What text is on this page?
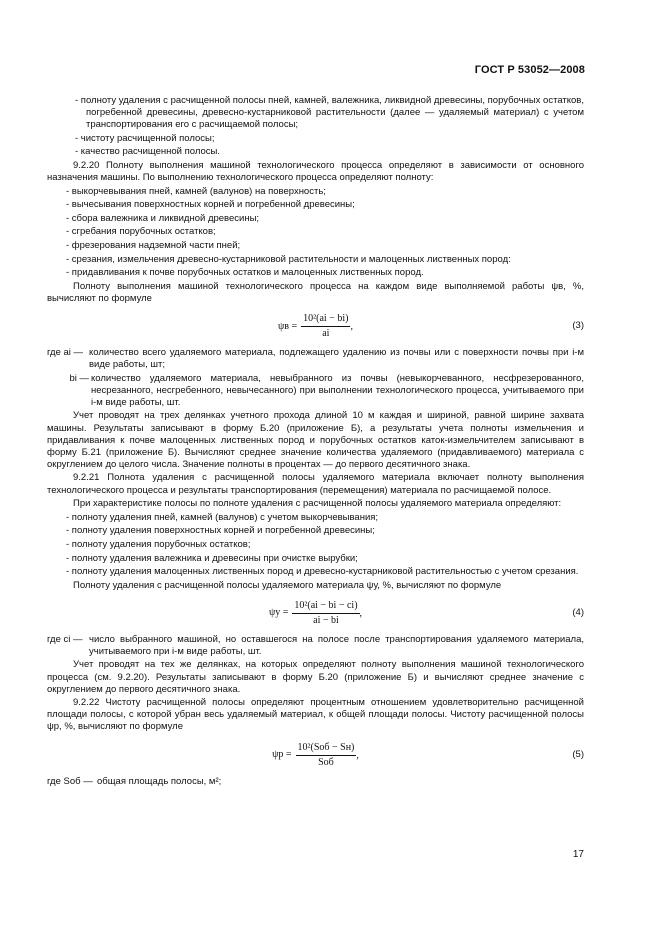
ГОСТ Р 53052—2008

- полноту удаления с расчищенной полосы пней, камней, валежника, ликвидной древесины, порубочных остатков, погребенной древесины, древесно-кустарниковой растительности (далее — удаляемый материал) с учетом транспортирования его с расчищаемой полосы;

- чистоту расчищенной полосы;

- качество расчищенной полосы.

9.2.20 Полноту выполнения машиной технологического процесса определяют в зависимости от основного назначения машины. По выполнению технологического процесса определяют полноту:

- выкорчевывания пней, камней (валунов) на поверхность;

- вычесывания поверхностных корней и погребенной древесины;

- сбора валежника и ликвидной древесины;

- сгребания порубочных остатков;

- фрезерования надземной части пней;

- срезания, измельчения древесно-кустарниковой растительности и малоценных лиственных пород:

- придавливания к почве порубочных остатков и малоценных лиственных пород.

Полноту выполнения машиной технологического процесса на каждом виде выполняемой работы ψв, %, вычисляют по формуле

$\psi в = \frac{\text{10²(ai − bi)}}{ai}$ ,	(3)
где ai — количество всего удаляемого материала, подлежащего удалению из почвы или с поверхности почвы при i-м виде работы, шт;
bi — количество удаляемого материала, невыбранного из почвы (невыкорчеванного, несфрезерованного, несрезанного, несгребенного, невычесанного) при выполнении технологического процесса, учитываемого при i-м виде работы, шт.

Учет проводят на трех делянках учетного прохода длиной 10 м каждая и шириной, равной ширине захвата машины. Результаты записывают в форму Б.20 (приложение Б), а результаты учета полноты измельчения и придавливания к почве малоценных лиственных пород и порубочных остатков каток-измельчителем записывают в форму Б.21 (приложение Б). Вычисляют среднее значение количества удаляемого (придавливаемого) материала с округлением до целого числа. Значение полноты в процентах — до первого десятичного знака.

9.2.21 Полнота удаления с расчищенной полосы удаляемого материала включает полноту выполнения технологического процесса и результаты транспортирования (перемещения) материала по расчищаемой полосе.

При характеристике полосы по полноте удаления с расчищенной полосы удаляемого материала определяют:

- полноту удаления пней, камней (валунов) с учетом выкорчевывания;

- полноту удаления поверхностных корней и погребенной древесины;

- полноту удаления порубочных остатков;

- полноту удаления валежника и древесины при очистке вырубки;

- полноту удаления малоценных лиственных пород и древесно-кустарниковой растительностью с учетом срезания.

Полноту удаления с расчищенной полосы удаляемого материала ψу, %, вычисляют по формуле

$\psi у = \frac{\text{10²(ai − bi − ci)}}{ai - bi}$ ,	(4)
где ci — число выбранного машиной, но оставшегося на полосе после транспортирования удаляемого материала, учитываемого при i-м виде работы, шт.

Учет проводят на тех же делянках, на которых определяют полноту выполнения машиной технологического процесса (см. 9.2.20). Результаты записывают в форму Б.20 (приложение Б) и вычисляют среднее значение с округлением до первого десятичного знака.

9.2.22 Чистоту расчищенной полосы определяют процентным отношением удовлетворительно расчищенной площади полосы, с которой убран весь удаляемый материал, к общей площади полосы. Чистоту расчищенной полосы ψр, %, вычисляют по формуле

$\psi р = \frac{\text{10²(Sоб − Sн)}}{\text{Sоб}}$ ,	(5)
где Sоб — общая площадь полосы, м²;
17
